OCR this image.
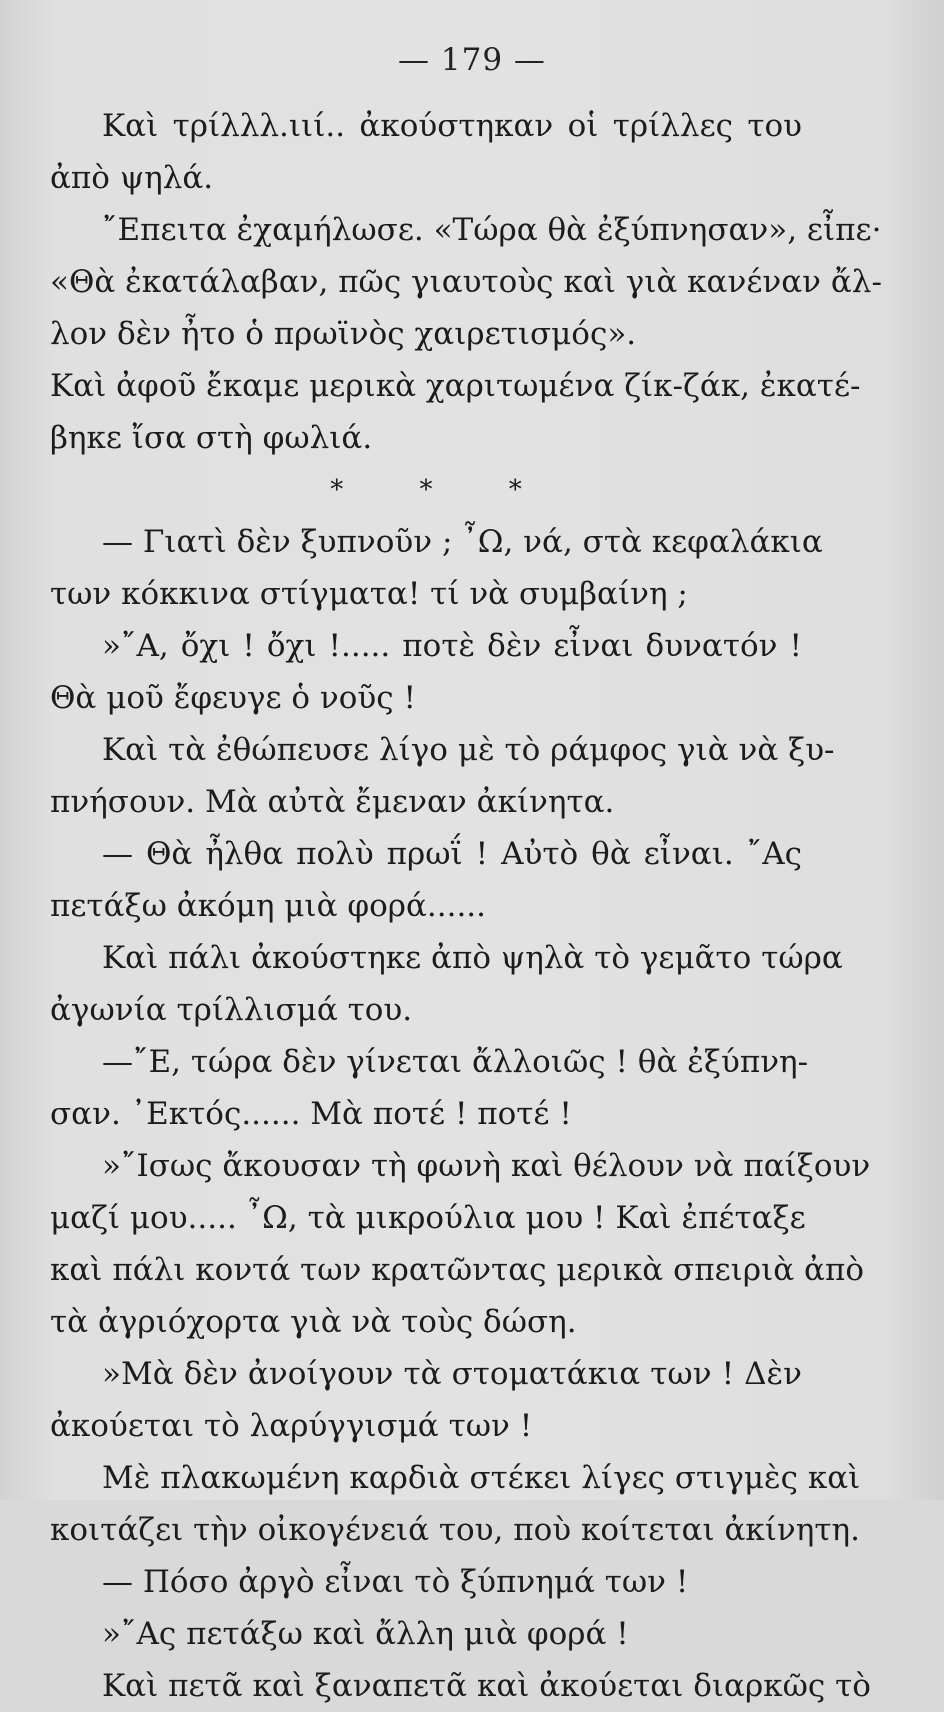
— 179 —
Καὶ τρίλλλ.ιιί.. ἀκούστηκαν οἱ τρίλλες του
ἀπὸ ψηλά.
῎Επειτα ἐχαμήλωσε. «Τώρα θὰ ἐξύπνησαν», εἶπε·
«Θὰ ἐκατάλαβαν, πῶς γιαυτοὺς καὶ γιὰ κανέναν ἄλ-
λον δὲν ἦτο ὁ πρωϊνὸς χαιρετισμός».
Καὶ ἀφοῦ ἔκαμε μερικὰ χαριτωμένα ζίκ-ζάκ, ἐκατέ-
βηκε ἴσα στὴ φωλιά.
* * *
— Γιατὶ δὲν ξυπνοῦν ; ῏Ω, νά, στὰ κεφαλάκια
των κόκκινα στίγματα! τί νὰ συμβαίνη ;
»῎Α, ὄχι ! ὄχι !..... ποτὲ δὲν εἶναι δυνατόν !
Θὰ μοῦ ἔφευγε ὁ νοῦς !
Καὶ τὰ ἐθώπευσε λίγο μὲ τὸ ράμφος γιὰ νὰ ξυ-
πνήσουν. Μὰ αὐτὰ ἔμεναν ἀκίνητα.
— Θὰ ἦλθα πολὺ πρωΐ ! Αὐτὸ θὰ εἶναι. ῎Ας
πετάξω ἀκόμη μιὰ φορά......
Καὶ πάλι ἀκούστηκε ἀπὸ ψηλὰ τὸ γεμᾶτο τώρα
ἀγωνία τρίλλισμά του.
—῎Ε, τώρα δὲν γίνεται ἄλλοιῶς ! θὰ ἐξύπνη-
σαν. ᾽Εκτός...... Μὰ ποτέ ! ποτέ !
»῎Ισως ἄκουσαν τὴ φωνὴ καὶ θέλουν νὰ παίξουν
μαζί μου..... ῏Ω, τὰ μικρούλια μου ! Καὶ ἐπέταξε
καὶ πάλι κοντά των κρατῶντας μερικὰ σπειριὰ ἀπὸ
τὰ ἀγριόχορτα γιὰ νὰ τοὺς δώση.
»Μὰ δὲν ἀνοίγουν τὰ στοματάκια των ! Δὲν
ἀκούεται τὸ λαρύγγισμά των !
Μὲ πλακωμένη καρδιὰ στέκει λίγες στιγμὲς καὶ
κοιτάζει τὴν οἰκογένειά του, ποὺ κοίτεται ἀκίνητη.
— Πόσο ἀργὸ εἶναι τὸ ξύπνημά των !
»῎Ας πετάξω καὶ ἄλλη μιὰ φορά !
Καὶ πετᾶ καὶ ξαναπετᾶ καὶ ἀκούεται διαρκῶς τὸ
